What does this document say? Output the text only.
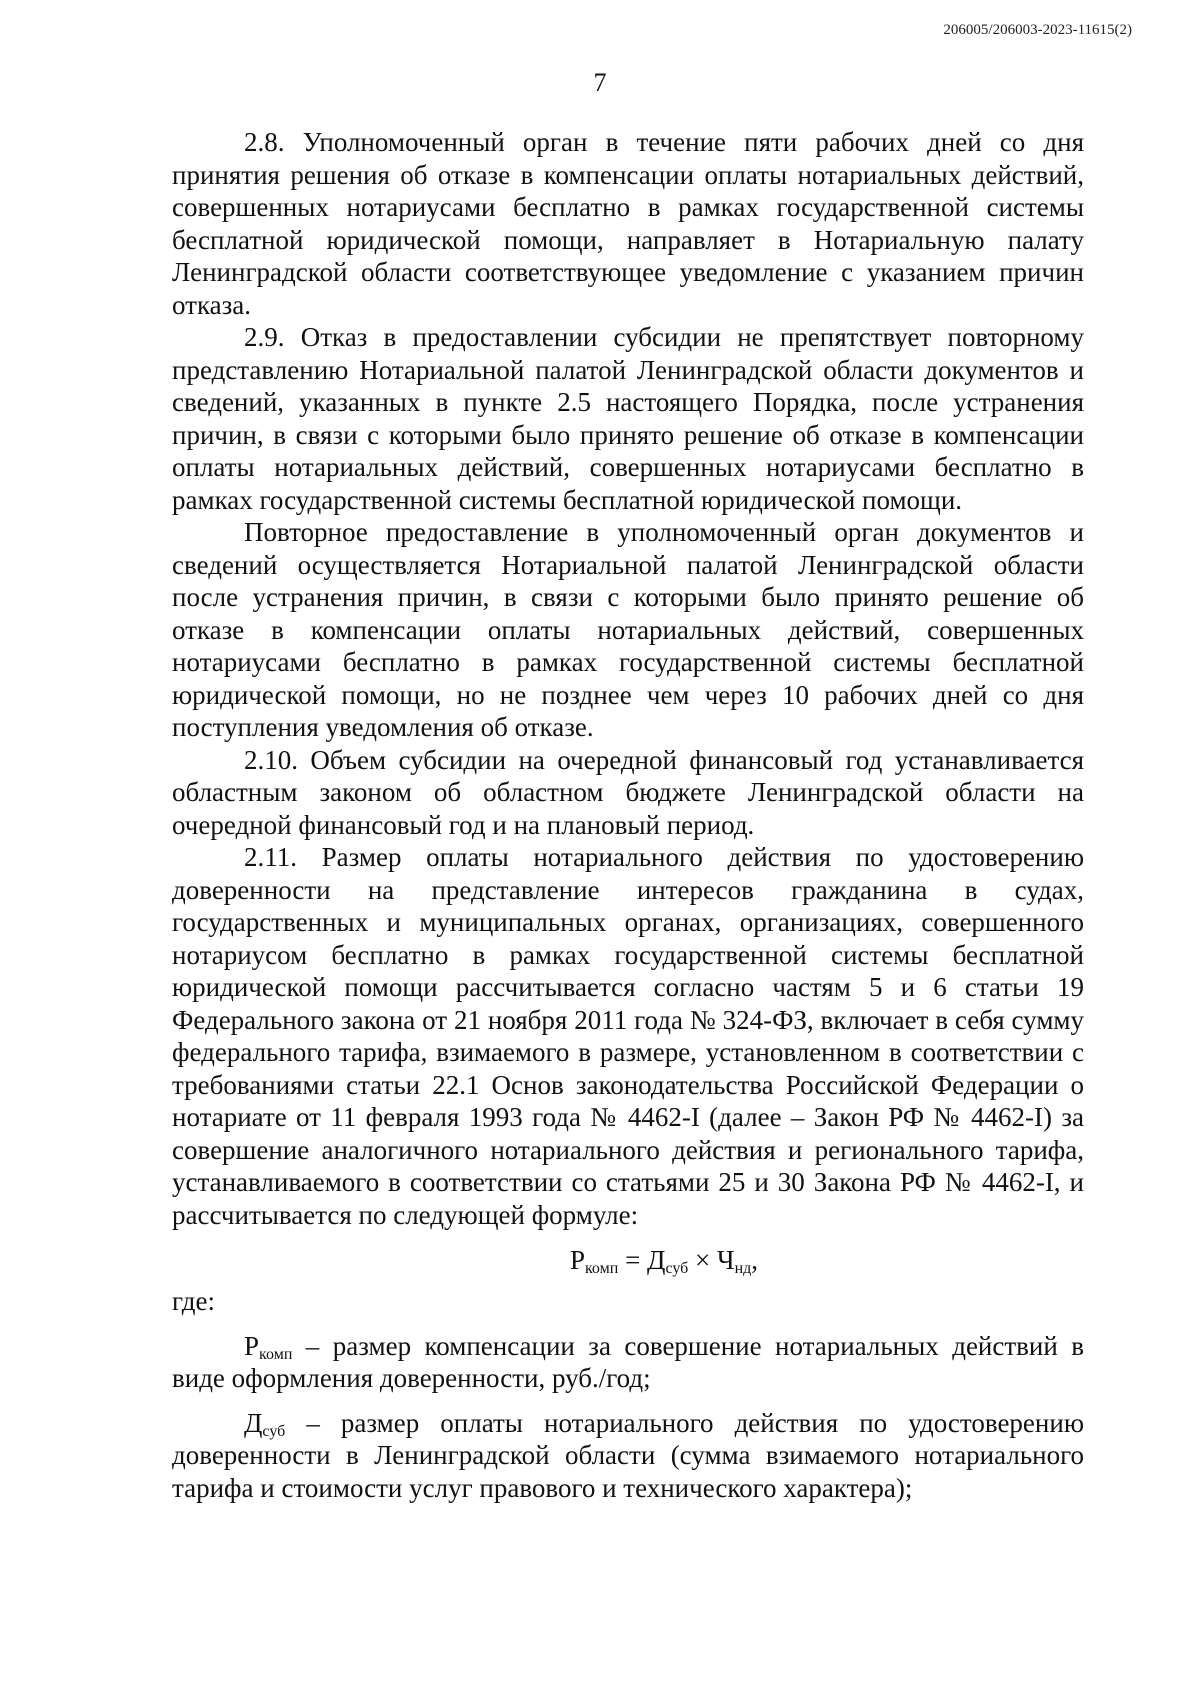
206005/206003-2023-11615(2)
7

2.8. Уполномоченный орган в течение пяти рабочих дней со дня принятия решения об отказе в компенсации оплаты нотариальных действий, совершенных нотариусами бесплатно в рамках государственной системы бесплатной юридической помощи, направляет в Нотариальную палату Ленинградской области соответствующее уведомление с указанием причин отказа.

2.9. Отказ в предоставлении субсидии не препятствует повторному представлению Нотариальной палатой Ленинградской области документов и сведений, указанных в пункте 2.5 настоящего Порядка, после устранения причин, в связи с которыми было принято решение об отказе в компенсации оплаты нотариальных действий, совершенных нотариусами бесплатно в рамках государственной системы бесплатной юридической помощи.

Повторное предоставление в уполномоченный орган документов и сведений осуществляется Нотариальной палатой Ленинградской области после устранения причин, в связи с которыми было принято решение об отказе в компенсации оплаты нотариальных действий, совершенных нотариусами бесплатно в рамках государственной системы бесплатной юридической помощи, но не позднее чем через 10 рабочих дней со дня поступления уведомления об отказе.

2.10. Объем субсидии на очередной финансовый год устанавливается областным законом об областном бюджете Ленинградской области на очередной финансовый год и на плановый период.

2.11. Размер оплаты нотариального действия по удостоверению доверенности на представление интересов гражданина в судах, государственных и муниципальных органах, организациях, совершенного нотариусом бесплатно в рамках государственной системы бесплатной юридической помощи рассчитывается согласно частям 5 и 6 статьи 19 Федерального закона от 21 ноября 2011 года № 324-ФЗ, включает в себя сумму федерального тарифа, взимаемого в размере, установленном в соответствии с требованиями статьи 22.1 Основ законодательства Российской Федерации о нотариате от 11 февраля 1993 года № 4462-I (далее – Закон РФ № 4462-I) за совершение аналогичного нотариального действия и регионального тарифа, устанавливаемого в соответствии со статьями 25 и 30 Закона РФ № 4462-I, и рассчитывается по следующей формуле:

$Р_{комп} = Д_{суб} \times Ч_{нд}$,

где:

$Р_{комп}$ – размер компенсации за совершение нотариальных действий в виде оформления доверенности, руб./год;

$Д_{суб}$ – размер оплаты нотариального действия по удостоверению доверенности в Ленинградской области (сумма взимаемого нотариального тарифа и стоимости услуг правового и технического характера);
